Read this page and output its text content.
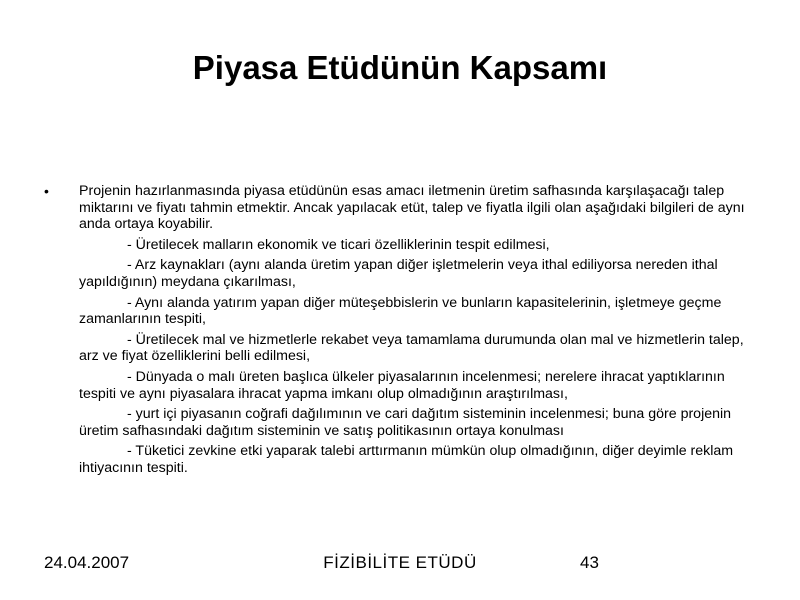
Piyasa Etüdünün Kapsamı
• Projenin hazırlanmasında piyasa etüdünün esas amacı iletmenin üretim safhasında karşılaşacağı talep miktarını ve fiyatı tahmin etmektir. Ancak yapılacak etüt, talep ve fiyatla ilgili olan aşağıdaki bilgileri de aynı anda ortaya koyabilir.

- Üretilecek malların ekonomik ve ticari özelliklerinin tespit edilmesi,

- Arz kaynakları (aynı alanda üretim yapan diğer işletmelerin veya ithal ediliyorsa nereden ithal yapıldığının) meydana çıkarılması,

- Aynı alanda yatırım yapan diğer müteşebbislerin ve bunların kapasitelerinin, işletmeye geçme zamanlarının tespiti,

- Üretilecek mal ve hizmetlerle rekabet veya tamamlama durumunda olan mal ve hizmetlerin talep, arz ve fiyat özelliklerini belli edilmesi,

- Dünyada o malı üreten başlıca ülkeler piyasalarının incelenmesi; nerelere ihracat yaptıklarının tespiti ve aynı piyasalara ihracat yapma imkanı olup olmadığının araştırılması,

- yurt içi piyasanın coğrafi dağılımının ve cari dağıtım sisteminin incelenmesi; buna göre projenin üretim safhasındaki dağıtım sisteminin ve satış politikasının ortaya konulması

- Tüketici zevkine etki yaparak talebi arttırmanın mümkün olup olmadığının, diğer deyimle reklam ihtiyacının tespiti.

24.04.2007	FİZİBİLİTE ETÜDÜ	43
